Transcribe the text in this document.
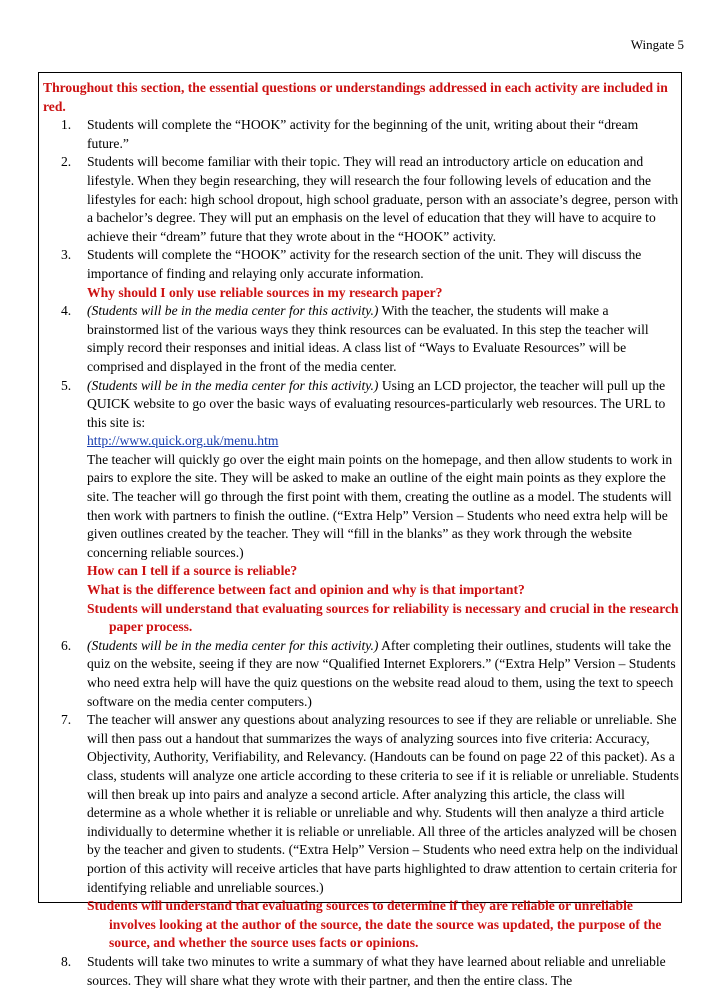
Wingate 5

Throughout this section, the essential questions or understandings addressed in each activity are included in red.

1. Students will complete the “HOOK” activity for the beginning of the unit, writing about their “dream future.”
2. Students will become familiar with their topic. They will read an introductory article on education and lifestyle. When they begin researching, they will research the four following levels of education and the lifestyles for each: high school dropout, high school graduate, person with an associate’s degree, person with a bachelor’s degree. They will put an emphasis on the level of education that they will have to acquire to achieve their “dream” future that they wrote about in the “HOOK” activity.
3. Students will complete the “HOOK” activity for the research section of the unit. They will discuss the importance of finding and relaying only accurate information.
Why should I only use reliable sources in my research paper?
4. (Students will be in the media center for this activity.) With the teacher, the students will make a brainstormed list of the various ways they think resources can be evaluated. In this step the teacher will simply record their responses and initial ideas. A class list of “Ways to Evaluate Resources” will be comprised and displayed in the front of the media center.
5. (Students will be in the media center for this activity.) Using an LCD projector, the teacher will pull up the QUICK website to go over the basic ways of evaluating resources-particularly web resources. The URL to this site is:
http://www.quick.org.uk/menu.htm
The teacher will quickly go over the eight main points on the homepage, and then allow students to work in pairs to explore the site. They will be asked to make an outline of the eight main points as they explore the site. The teacher will go through the first point with them, creating the outline as a model. The students will then work with partners to finish the outline. (“Extra Help” Version – Students who need extra help will be given outlines created by the teacher. They will “fill in the blanks” as they work through the website concerning reliable sources.)
How can I tell if a source is reliable?
What is the difference between fact and opinion and why is that important?
Students will understand that evaluating sources for reliability is necessary and crucial in the research paper process.
6. (Students will be in the media center for this activity.) After completing their outlines, students will take the quiz on the website, seeing if they are now “Qualified Internet Explorers.” (“Extra Help” Version – Students who need extra help will have the quiz questions on the website read aloud to them, using the text to speech software on the media center computers.)
7. The teacher will answer any questions about analyzing resources to see if they are reliable or unreliable. She will then pass out a handout that summarizes the ways of analyzing sources into five criteria: Accuracy, Objectivity, Authority, Verifiability, and Relevancy. (Handouts can be found on page 22 of this packet). As a class, students will analyze one article according to these criteria to see if it is reliable or unreliable. Students will then break up into pairs and analyze a second article. After analyzing this article, the class will determine as a whole whether it is reliable or unreliable and why. Students will then analyze a third article individually to determine whether it is reliable or unreliable. All three of the articles analyzed will be chosen by the teacher and given to students. (“Extra Help” Version – Students who need extra help on the individual portion of this activity will receive articles that have parts highlighted to draw attention to certain criteria for identifying reliable and unreliable sources.)
Students will understand that evaluating sources to determine if they are reliable or unreliable involves looking at the author of the source, the date the source was updated, the purpose of the source, and whether the source uses facts or opinions.
8. Students will take two minutes to write a summary of what they have learned about reliable and unreliable sources. They will share what they wrote with their partner, and then the entire class. The
